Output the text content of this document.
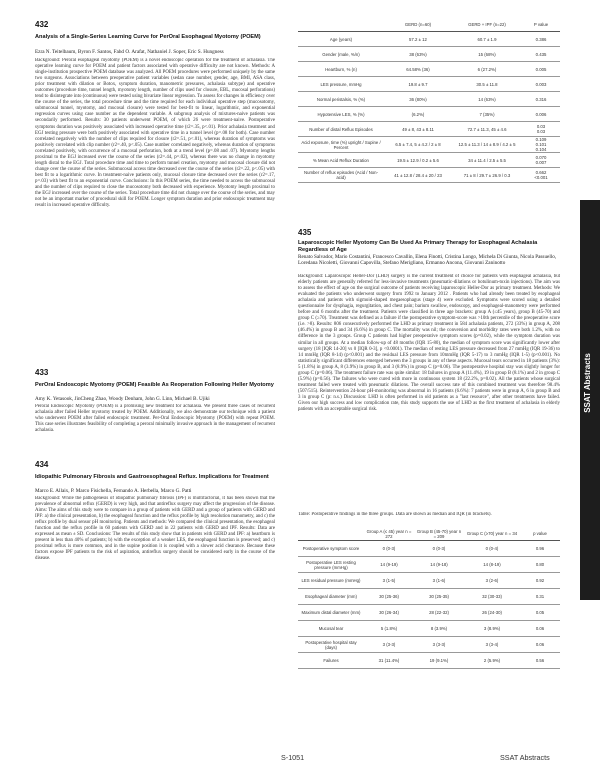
432
Analysis of a Single-Series Learning Curve for PerOral Esophageal Myotomy (POEM)
Ezra N. Teitelbaum, Byron F. Santos, Fahd O. Arafat, Nathaniel J. Soper, Eric S. Hungness
Background: Peroral esophageal myotomy (POEM) is a novel endoscopic operation for the treatment of achalasia. The operative learning curve for POEM and patient factors associated with operative difficulty are not known. Methods: A single-institution prospective POEM database was analyzed. All POEM procedures were performed uniquely by the same two surgeons. Associations between preoperative patient variables (sedan case number, gender, age, BMI, ASA class, prior treatment with dilation or Botox, symptom duration, manometric pressures, achalasia subtype) and operative outcomes (procedure time, tunnel length, myotomy length, number of clips used for closure, EBL, mucosal perforations) tend to disintegrate into (continuous) were tested using bivariate linear regression. To assess for changes in efficiency over the course of the series, the total procedure time and the time required for each individual operative step (mucosotomy, submucosal tunnel, myotomy, and mucosal closure) were tested for best-fit to linear, logarithmic, and exponential regression curves using case number as the dependent variable. A subgroup analysis of mixtures-naive patients was secondarily performed. Results: 30 patients underwent POEM, of which 26 were treatment-naive. Postoperative symptoms duration was positively associated with increased operative time (r2=.35, p<.01). Prior achalasia treatment and EGJ testing pressure were both positively associated with operative time in a tunnel level (p=.08 for both). Case number correlated negatively with the number of clips required for closure (r2=.51, p<.01), whereas duration of symptoms was positively correlated with clip number (r2=.40, p<.05). Case number correlated negatively, whereas duration of symptoms correlated positively, with occurrence of a mucosal perforation, both at a trend level (p=.08 and .07). Myotomy lengths proximal to the EGJ increased over the course of the series (r2=.44, p=.02), whereas there was no change in myotomy length distal to the EGJ. Total procedure time and time to perform tunnel creation, myotomy and mucosal closure did not change over the course of the series. Submucosal access time decreased over the course of the series (r2=.22, p<.05) with best fit to a logarithmic curve. In treatment-naive patients only, mucosal closure time decreased over the series (r2=.17, p=.03) with best fit to an exponential curve. Conclusions: In this POEM series, the time needed to access the submucosal and the number of clips required to close the mucosotomy both decreased with experience. Myotomy length proximal to the EGJ increased over the course of the series. Total procedure time did not change over the course of the series, and may not be an important marker of procedural skill for POEM. Longer symptom duration and prior endoscopic treatment may result in increased operative difficulty.
433
PerOral Endoscopic Myotomy (POEM) Feasible As Reoperation Following Heller Myotomy
Amy K. Yetasook, JinCheng Zhao, Woody Denham, John G. Linn, Michael B. Ujiki
Peroral Endoscopic Myotomy (POEM) is a promising new treatment for achalasia. We present three cases of recurrent achalasia after failed Heller myotomy treated by POEM. Additionally, we also demonstrate our technique with a patient who underwent POEM after failed endoscopic treatment. Per-Oral Endoscopic Myotomy (POEM) with repeat POEM. This case series illustrates feasibility of completing a peroral minimally invasive approach in the management of recurrent achalasia.
434
Idiopathic Pulmonary Fibrosis and Gastroesophageal Reflux. Implications for Treatment
Marco E. Allaix, P. Marco Fisichella, Fernando A. Herbella, Marco G. Patti
Background: While the pathogenesis of idiopathic pulmonary fibrosis (IPF) is multifactorial, it has been shown that the prevalence of abnormal reflux (GERD) is very high, and that antireflux surgery may affect the progression of the disease. Aims: The aims of this study were to compare in a group of patients with GERD and a group of patients with GERD and IPF: a) the clinical presentation, b) the esophageal function and the reflux profile by high resolution manometry, and c) the reflux profile by dual sensor pH monitoring. Patients and methods: We compared the clinical presentation, the esophageal function and the reflux profile in 60 patients with GERD and in 22 patients with GERD and IPF. Results: Data are expressed as mean ± SD. Conclusions: The results of this study show that in patients with GERD and IPF: a) heartburn is present in less than 40% of patients; b) with the exception of a weaker LES, the esophageal function is preserved; and c) proximal reflux is more common, and in the supine position it is coupled with a slower acid clearance. Because these factors expose IPF patients to the risk of aspiration, antireflux surgery should be considered early in the course of the disease.
	GERD (n=60)	GERD + IPF (n=22)	P value
Age (years)	57.2 ± 12	60.7 ± 1.9	0.386
Gender (male, %/n)	38 (63%)	15 (68%)	0.435
Heartburn, % (n)	64.58% (36)	6 (27.2%)	0.005
LES pressure, mmHg	19.8 ± 9.7	30.5 ± 11.8	0.003
Normal peristalsis, % (%)	36 (80%)	14 (63%)	0.316
Hypotensive LES, % (%)	(6.2%)	7 (35%)	0.006
Number of distal Reflux Episodes	49 ± 8, 43 ± 8.11	72.7 ± 11.3, 45 ± 4.6	0.03
0.03
Acid exposure, time (%) upright / Supine / Percent	6.5 ± 7.4, 5 ± 4.2 / 2 ± 8	12.5 ± 11.3 / 14 ± 8.9 / 4.2 ± 5	0.109
0.101
0.104
% Mean Acid Reflux Duration	19.5 ± 12.9 / 0.2 ± 5.6	34 ± 11.4 / 2.5 ± 5.5	0.070
0.007
Number of reflux episodes (Acid / Non-acid)	41 ± 12.8 / 28.4 ± 20 / 23	71 ± 8 / 29.7 ± 26.9 / 0.3	0.662
<0.001
435
Laparoscopic Heller Myotomy Can Be Used As Primary Therapy for Esophageal Achalasia Regardless of Age
Renato Salvador, Mario Costantini, Francesco Cavallin, Elena Finotti, Cristina Longo, Michela Di Giunta, Nicola Passuello, Loredana Nicoletti, Giovanni Capovilla, Stefano Merigliano, Ermanno Ancona, Giovanni Zaninotto
Background: Laparoscopic Heller-Dor (LHD) surgery is the current treatment of choice for patients with esophageal achalasia, but elderly patients are generally referred for less-invasive treatments (pneumatic-dilations or botulinum-toxin injections). The aim was to assess the effect of age on the surgical outcome of patients receiving laparoscopic Heller-Dor as primary treatment. Methods: We evaluated the patients who underwent surgery from 1992 to January 2012 . Patients who had already been treated by esophageal achalasia and patients with sigmoid-shaped megaesophagus (stage 4) were excluded. Symptoms were scored using a detailed questionnaire for dysphagia, regurgitation, and chest pain; barium swallow, endoscopy, and esophageal-manometry were performed before and 6 months after the treatment. Patients were classified in three age brackets: group A (≤45 years), group B (45-70) and group C (≥70). Treatment was defined as a failure if the postoperative symptom-score was >10th percentile of the preoperative score (i.e. >8). Results: 806 consecutively performed the LHD as primary treatment in 584 achalasia patients, 272 (33%) in group A, 208 (46.4%) in group B and 34 (6.6%) in group C. The mortality was nil; the conversion and morbidity rates were both 1.2%, with no difference in the 3 groups. Group C patients had higher preoperative symptom scores (p=0.02), while the symptom duration was similar in all groups. At a median follow-up of 48 months (IQR 15-80), the median of symptom score was significantly lower after surgery (18 [IQR 14-20] vs 0 [IQR 0-3], p <0.0001). The median of resting LES pressure decreased from 27 mmHg (IQR 19-36) to 14 mmHg (IQR 8-14) (p<0.001) and the residual LES pressure from 10mmHg (IQR 5-17) to 3 mmHg (IQR 1-5) (p<0.001). No statistically significant differences emerged between the 3 groups in any of these aspects. Mucosal tears occurred in 18 patients (3%): 5 (1.8%) in group A, 8 (3.9%) in group B, and 3 (8.9%) in group C (p=0.06). The postoperative hospital stay was slightly longer for group C (p=0.06). The treatment failure rate was quite similar: 18 failures in group A (11.4%), 19 in group B (8.1%) and 2 in group C (5.9%) (p=0.56). The failures who were cured with more in continuous system 18 (22.2%, p=0.02). All the patients whose surgical treatment failed were treated with pneumatic dilations. The overall success rate of this combined treatment was therefore 98.4% (507/515). Reintervention 24-hour pH-monitoring was abnormal in 16 patients (6.6%): 7 patients were in group A, 6 in group B and 3 in group C (p: n.s.) Discussion: LHD is often performed in old patients as a "last resource", after other treatments have failed. Given our high success and low complication rate, this study supports the use of LHD as the first treatment of achalasia in elderly patients with an acceptable surgical risk.
Table: Postoperative findings in the three groups. Data are shown as median and IQR (in brackets).
	Group A (≤ 45) year n = 272	Group B (45-70) year n = 209	Group C (≥70) year n = 34	p value
Postoperative symptom score	0 (0-3)	0 (0-3)	0 (0-4)	0.96
Postoperative LES resting pressure (mmHg)	14 (9-19)	14 (9-18)	14 (8-19)	0.80
LES residual pressure (mmHg)	3 (1-5)	3 (1-6)	3 (2-6)	0.92
Esophageal diameter (mm)	30 (25-36)	30 (25-35)	32 (30-33)	0.31
Maximum distal diameter (mm)	30 (26-34)	28 (22-32)	26 (24-30)	0.05
Mucosal tear	5 (1.8%)	8 (3.9%)	3 (8.9%)	0.06
Postoperative hospital stay (days)	3 (3-3)	3 (3-3)	3 (3-4)	0.06
Failures	31 (11.4%)	19 (9.1%)	2 (5.9%)	0.56
SSAT Abstracts
S-1051	SSAT Abstracts
